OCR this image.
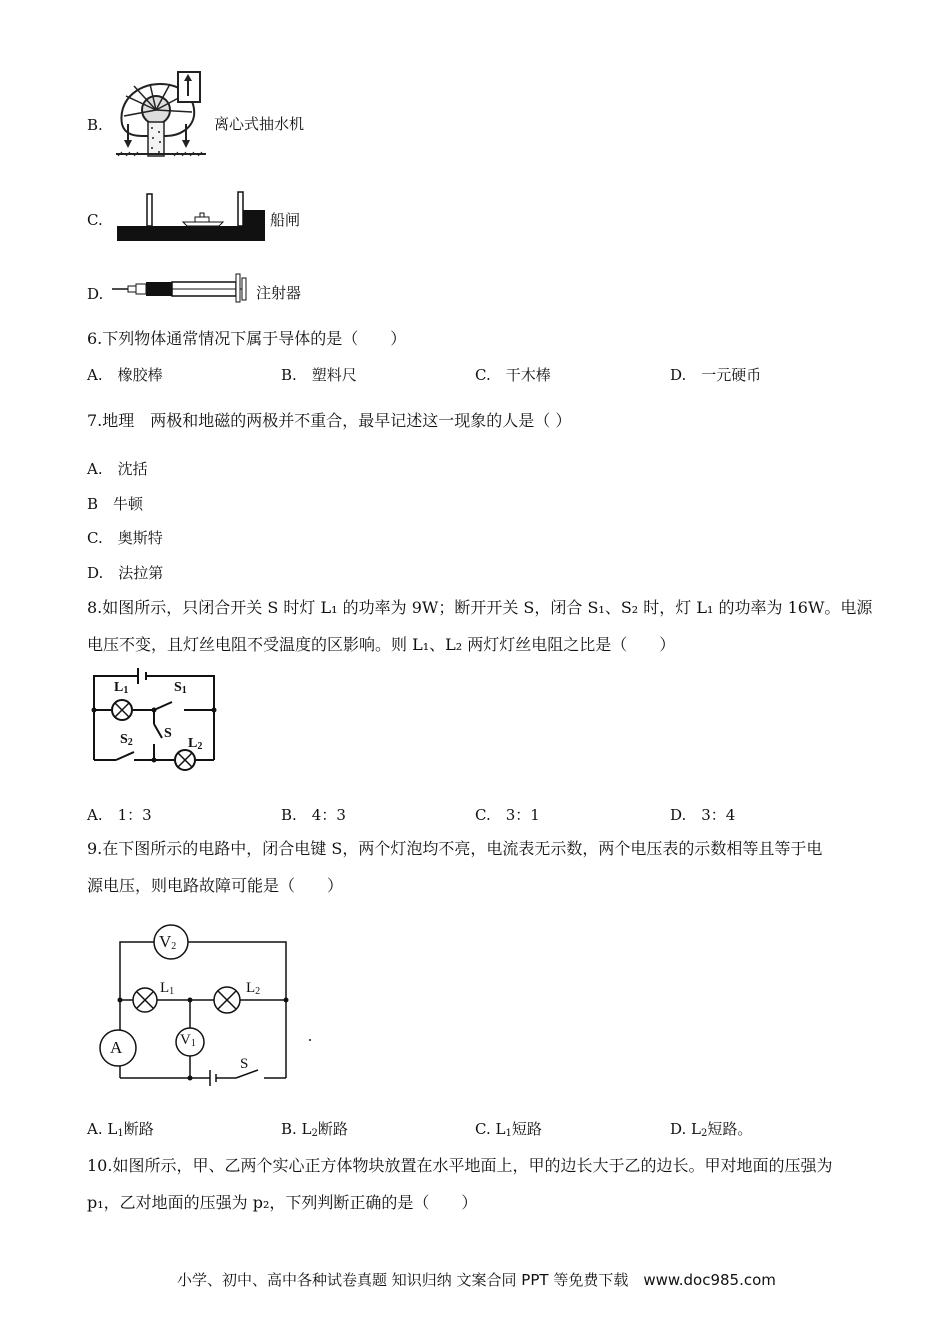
B.	离心式抽水机
C.	船闸
D.	注射器
6.下列物体通常情况下属于导体的是（　　）
A.　橡胶棒	B.　塑料尺	C.　干木棒	D.　一元硬币
7.地理　两极和地磁的两极并不重合，最早记述这一现象的人是（ ）
A.　沈括
B　牛顿
C.　奥斯特
D.　法拉第
8.如图所示，只闭合开关 S 时灯 L₁ 的功率为 9W；断开开关 S，闭合 S₁、S₂ 时，灯 L₁ 的功率为 16W。电源
电压不变，且灯丝电阻不受温度的区影响。则 L₁、L₂ 两灯灯丝电阻之比是（　　）
$L_1$	$S_1$
$S_2$
S
$L_2$
A.　1：3	B.　4：3	C.　3：1	D.　3：4
9.在下图所示的电路中，闭合电键 S，两个灯泡均不亮，电流表无示数，两个电压表的示数相等且等于电
源电压，则电路故障可能是（　　）
$V_2$
$L_1$	$L_2$
A	$V_1$
S
A. $L_1$断路	B. $L_2$断路	C. $L_1$短路	D. $L_2$短路。
10.如图所示，甲、乙两个实心正方体物块放置在水平地面上，甲的边长大于乙的边长。甲对地面的压强为
p₁，乙对地面的压强为 p₂，下列判断正确的是（　　）
小学、初中、高中各种试卷真题 知识归纳 文案合同 PPT 等免费下载　www.doc985.com
